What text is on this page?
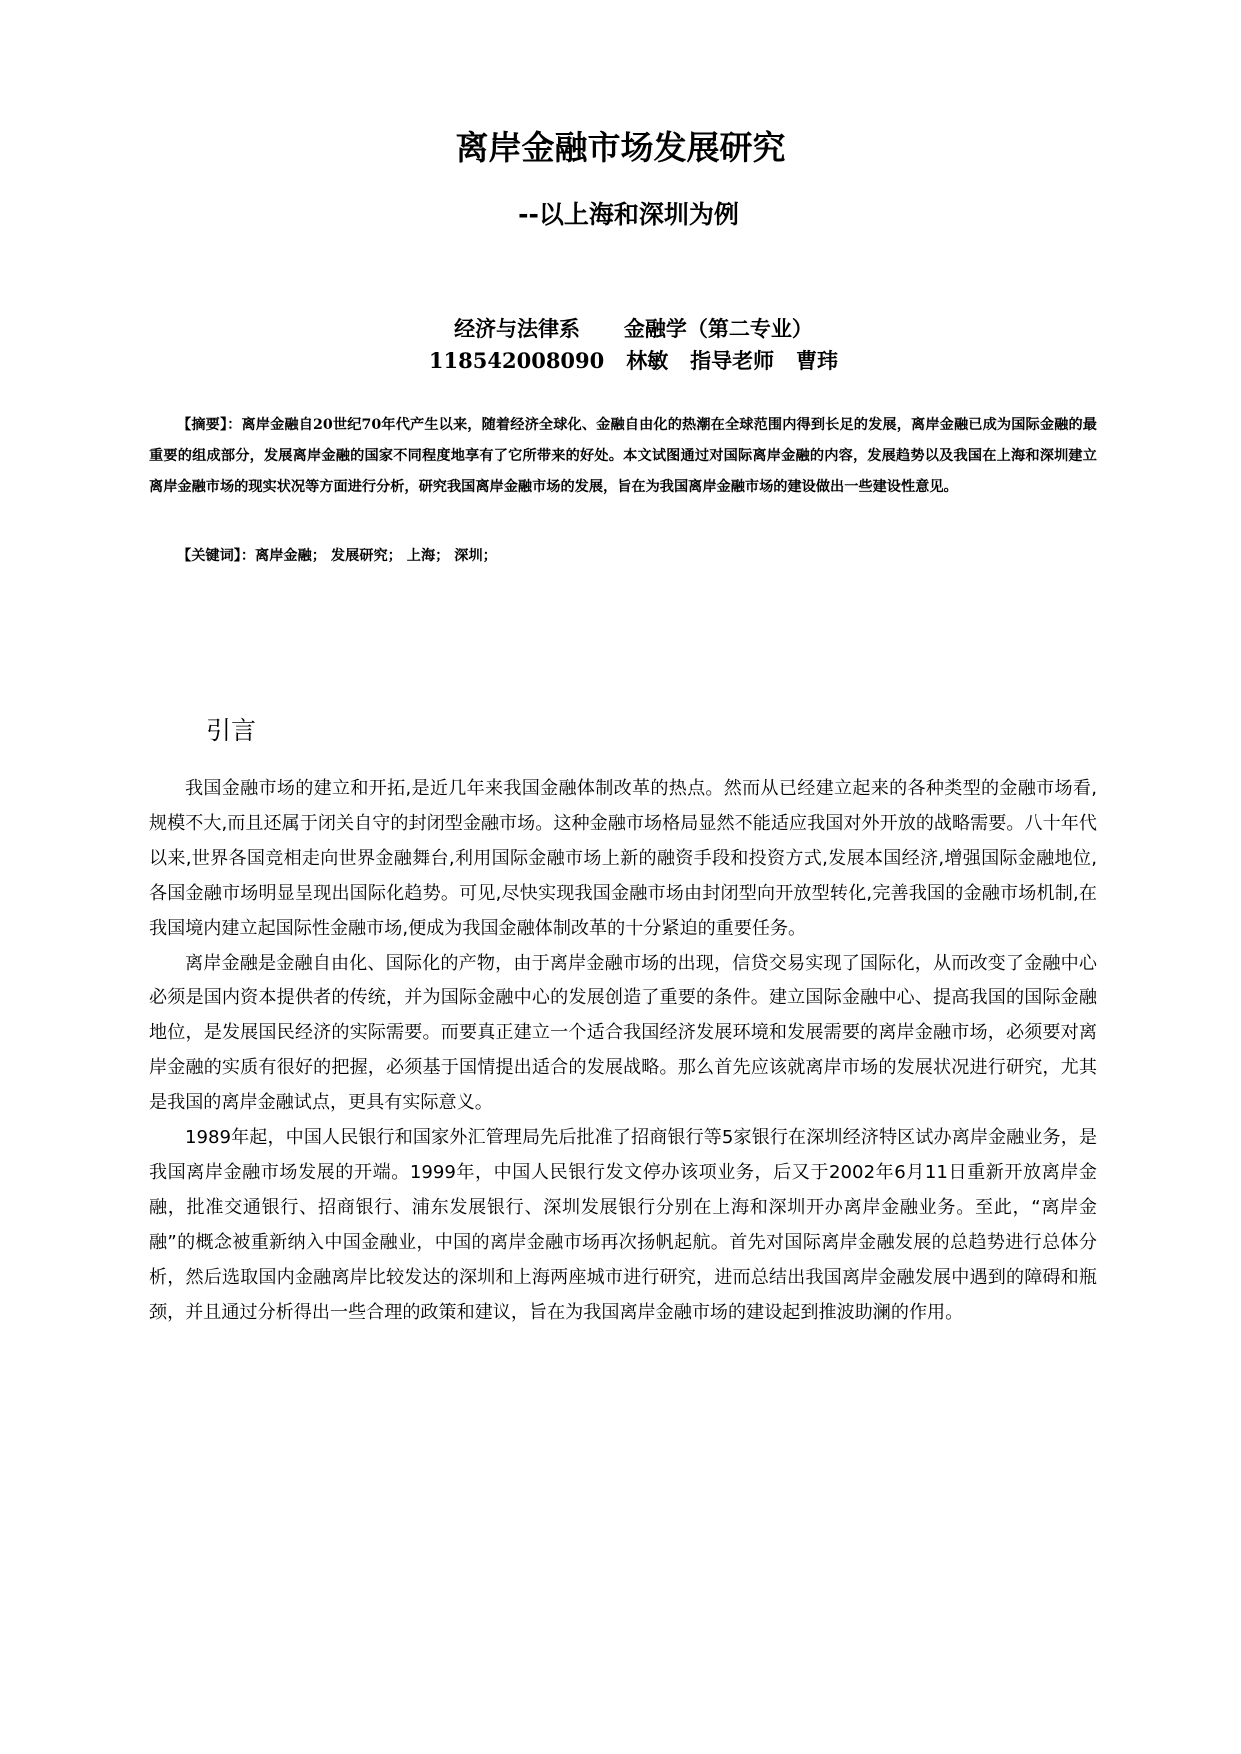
离岸金融市场发展研究
--以上海和深圳为例
经济与法律系      金融学（第二专业）
118542008090   林敏   指导老师   曹玮
【摘要】：离岸金融自20世纪70年代产生以来，随着经济全球化、金融自由化的热潮在全球范围内得到长足的发展，离岸金融已成为国际金融的最重要的组成部分，发展离岸金融的国家不同程度地享有了它所带来的好处。本文试图通过对国际离岸金融的内容，发展趋势以及我国在上海和深圳建立离岸金融市场的现实状况等方面进行分析，研究我国离岸金融市场的发展，旨在为我国离岸金融市场的建设做出一些建设性意见。
【关键词】：离岸金融； 发展研究； 上海； 深圳；
引言

我国金融市场的建立和开拓,是近几年来我国金融体制改革的热点。然而从已经建立起来的各种类型的金融市场看,规模不大,而且还属于闭关自守的封闭型金融市场。这种金融市场格局显然不能适应我国对外开放的战略需要。八十年代以来,世界各国竞相走向世界金融舞台,利用国际金融市场上新的融资手段和投资方式,发展本国经济,增强国际金融地位,各国金融市场明显呈现出国际化趋势。可见,尽快实现我国金融市场由封闭型向开放型转化,完善我国的金融市场机制,在我国境内建立起国际性金融市场,便成为我国金融体制改革的十分紧迫的重要任务。

离岸金融是金融自由化、国际化的产物，由于离岸金融市场的出现，信贷交易实现了国际化，从而改变了金融中心必须是国内资本提供者的传统，并为国际金融中心的发展创造了重要的条件。建立国际金融中心、提高我国的国际金融地位，是发展国民经济的实际需要。而要真正建立一个适合我国经济发展环境和发展需要的离岸金融市场，必须要对离岸金融的实质有很好的把握，必须基于国情提出适合的发展战略。那么首先应该就离岸市场的发展状况进行研究，尤其是我国的离岸金融试点，更具有实际意义。

1989年起，中国人民银行和国家外汇管理局先后批准了招商银行等5家银行在深圳经济特区试办离岸金融业务，是我国离岸金融市场发展的开端。1999年，中国人民银行发文停办该项业务，后又于2002年6月11日重新开放离岸金融，批准交通银行、招商银行、浦东发展银行、深圳发展银行分别在上海和深圳开办离岸金融业务。至此，“离岸金融”的概念被重新纳入中国金融业，中国的离岸金融市场再次扬帆起航。首先对国际离岸金融发展的总趋势进行总体分析，然后选取国内金融离岸比较发达的深圳和上海两座城市进行研究，进而总结出我国离岸金融发展中遇到的障碍和瓶颈，并且通过分析得出一些合理的政策和建议，旨在为我国离岸金融市场的建设起到推波助澜的作用。
